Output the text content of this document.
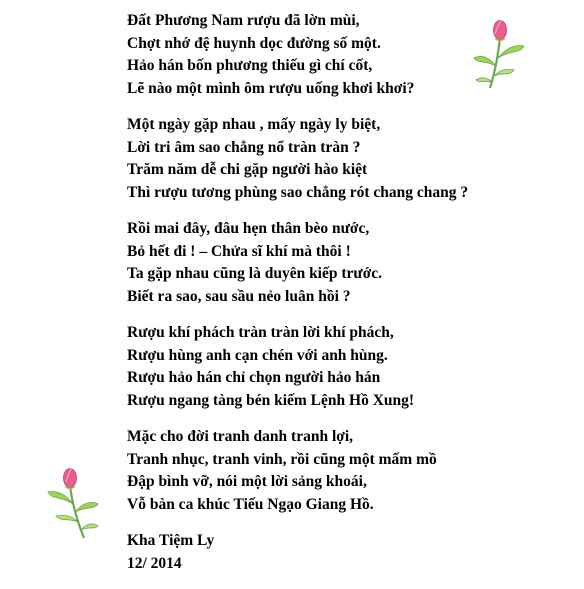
Đất Phương Nam rượu đã lờn mùi,
Chợt nhớ đệ huynh dọc đường số một.
Hảo hán bốn phương thiếu gì chí cốt,
Lẽ nào một mình ôm rượu uống khơi khơi?
Một ngày gặp nhau , mấy ngày ly biệt,
Lời tri âm sao chẳng nổ tràn tràn ?
Trăm năm dễ chi gặp người hào kiệt
Thì rượu tương phùng sao chẳng rót chang chang ?
Rồi mai đây, đâu hẹn thân bèo nước,
Bỏ hết đi ! – Chửa sĩ khí mà thôi !
Ta gặp nhau cũng là duyên kiếp trước.
Biết ra sao, sau sầu nẻo luân hồi ?
Rượu khí phách tràn tràn lời khí phách,
Rượu hùng anh cạn chén với anh hùng.
Rượu hảo hán chỉ chọn người hảo hán
Rượu ngang tàng bén kiếm Lệnh Hồ Xung!
Mặc cho đời tranh danh tranh lợi,
Tranh nhục, tranh vinh, rồi cũng một mấm mồ
Đập bình vỡ, nói một lời sảng khoái,
Vỗ bàn ca khúc Tiếu Ngạo Giang Hồ.
Kha Tiệm Ly
12/ 2014
